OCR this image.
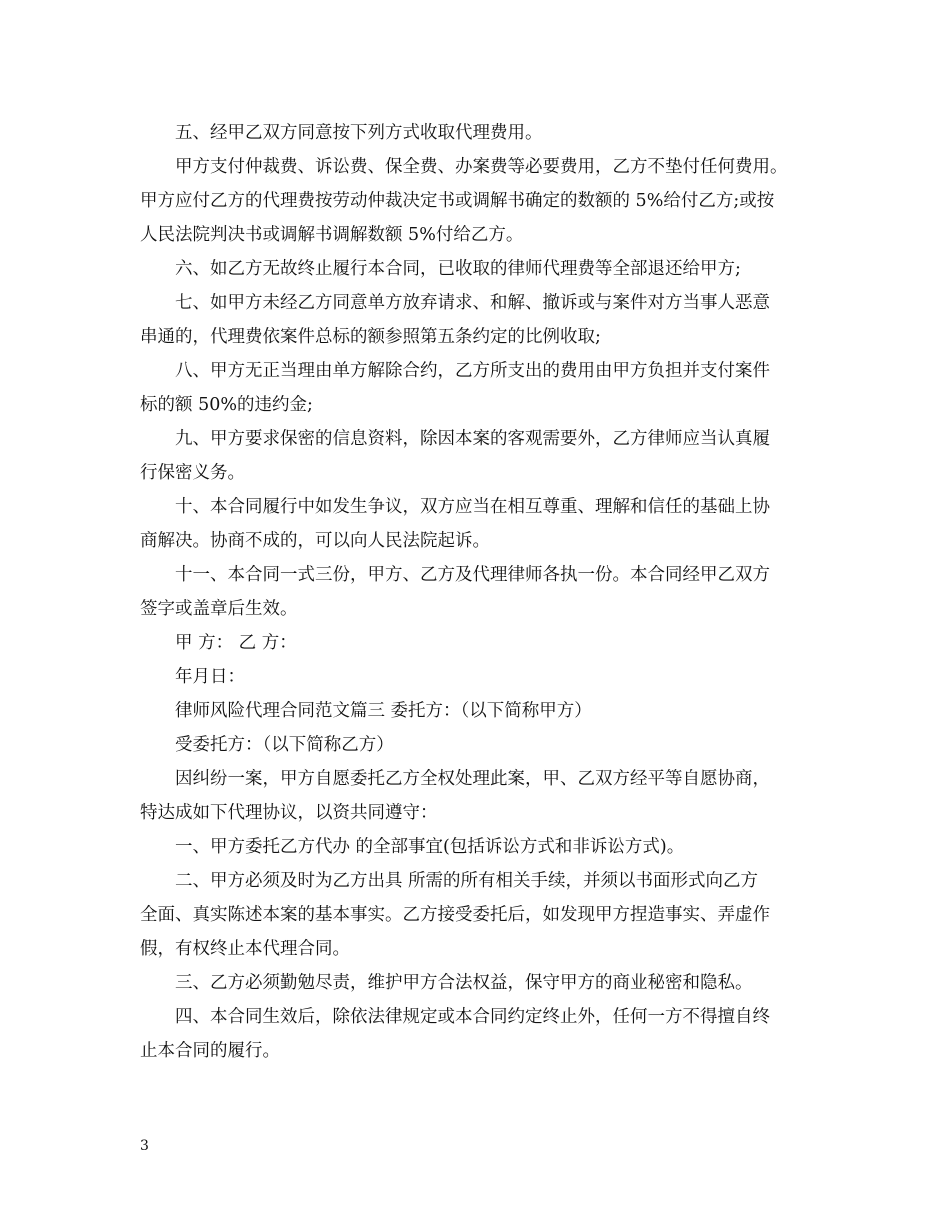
五、经甲乙双方同意按下列方式收取代理费用。
甲方支付仲裁费、诉讼费、保全费、办案费等必要费用，乙方不垫付任何费用。
甲方应付乙方的代理费按劳动仲裁决定书或调解书确定的数额的 5%给付乙方;或按
人民法院判决书或调解书调解数额 5%付给乙方。
六、如乙方无故终止履行本合同，已收取的律师代理费等全部退还给甲方;
七、如甲方未经乙方同意单方放弃请求、和解、撤诉或与案件对方当事人恶意
串通的，代理费依案件总标的额参照第五条约定的比例收取;
八、甲方无正当理由单方解除合约，乙方所支出的费用由甲方负担并支付案件
标的额 50%的违约金;
九、甲方要求保密的信息资料，除因本案的客观需要外，乙方律师应当认真履
行保密义务。
十、本合同履行中如发生争议，双方应当在相互尊重、理解和信任的基础上协
商解决。协商不成的，可以向人民法院起诉。
十一、本合同一式三份，甲方、乙方及代理律师各执一份。本合同经甲乙双方
签字或盖章后生效。
甲 方： 乙 方：
年月日：
律师风险代理合同范文篇三 委托方：（以下简称甲方）
受委托方：（以下简称乙方）
因纠纷一案，甲方自愿委托乙方全权处理此案，甲、乙双方经平等自愿协商，
特达成如下代理协议，以资共同遵守：
一、甲方委托乙方代办 的全部事宜(包括诉讼方式和非诉讼方式)。
二、甲方必须及时为乙方出具 所需的所有相关手续，并须以书面形式向乙方
全面、真实陈述本案的基本事实。乙方接受委托后，如发现甲方捏造事实、弄虚作
假，有权终止本代理合同。
三、乙方必须勤勉尽责，维护甲方合法权益，保守甲方的商业秘密和隐私。
四、本合同生效后，除依法律规定或本合同约定终止外，任何一方不得擅自终
止本合同的履行。
3
